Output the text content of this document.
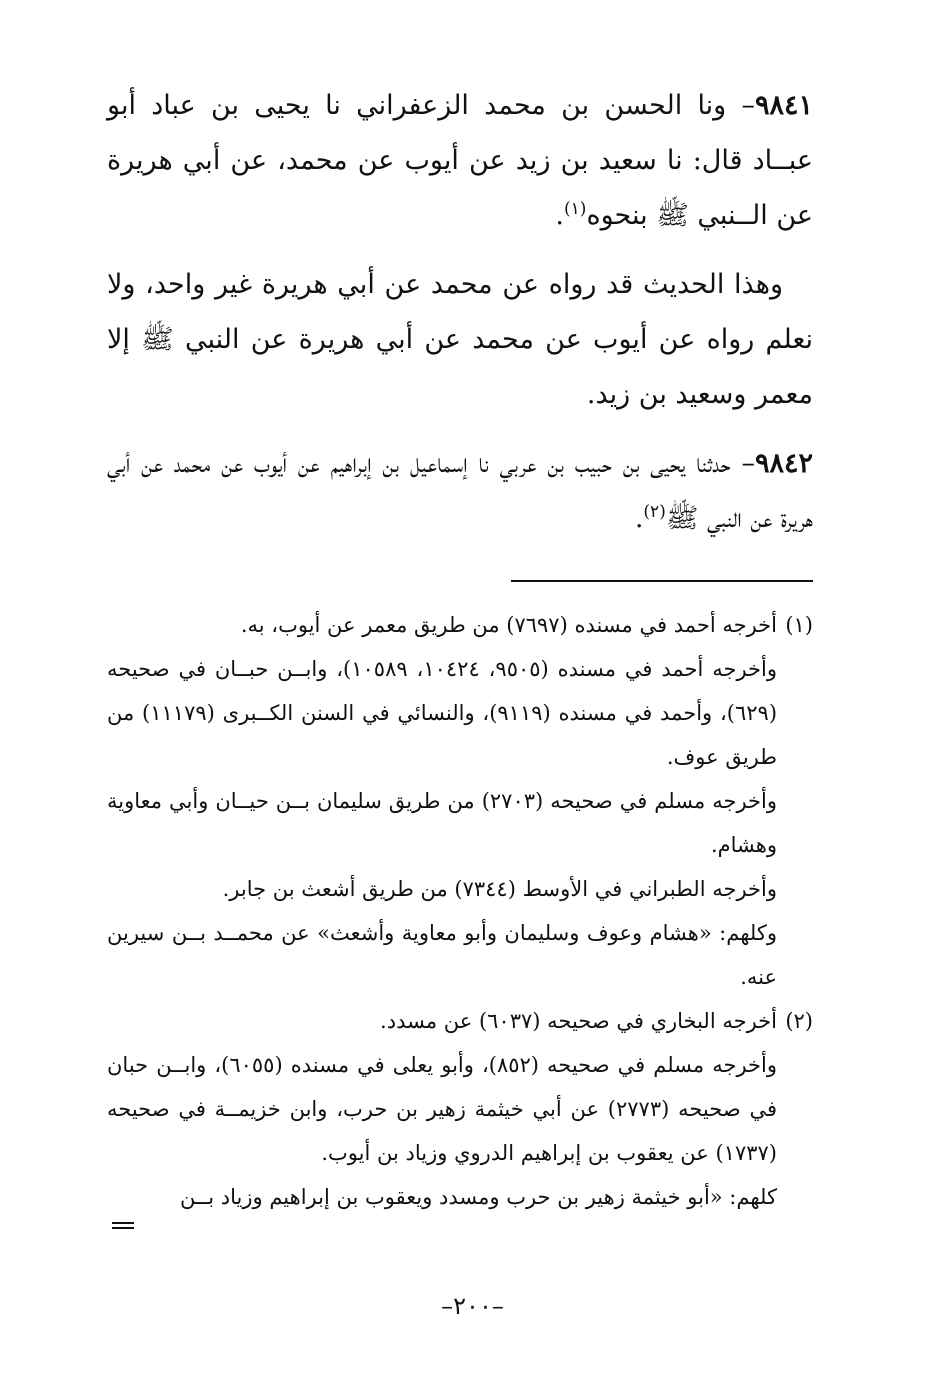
٩٨٤١– ونا الحسن بن محمد الزعفراني نا يحيى بن عباد أبو عبــاد قال: نا سعيد بن زيد عن أيوب عن محمد، عن أبي هريرة عن الــنبي ﷺ بنحوه$^{(١)}$.

وهذا الحديث قد رواه عن محمد عن أبي هريرة غير واحد، ولا نعلم رواه عن أيوب عن محمد عن أبي هريرة عن النبي ﷺ إلا معمر وسعيد بن زيد.

٩٨٤٢– حدثنا يحيى بن حبيب بن عربي نا إسماعيل بن إبراهيم عن أيوب عن محمد عن أبي هريرة عن النبي ﷺ$^{(٢)}$.

(١)أخرجه أحمد في مسنده (٧٦٩٧) من طريق معمر عن أيوب، به.

وأخرجه أحمد في مسنده (٩٥٠٥، ١٠٤٢٤، ١٠٥٨٩)، وابــن حبــان في صحيحه (٦٢٩)، وأحمد في مسنده (٩١١٩)، والنسائي في السنن الكــبرى (١١١٧٩) من طريق عوف.

وأخرجه مسلم في صحيحه (٢٧٠٣) من طريق سليمان بــن حيــان وأبي معاوية وهشام.

وأخرجه الطبراني في الأوسط (٧٣٤٤) من طريق أشعث بن جابر.

وكلهم: «هشام وعوف وسليمان وأبو معاوية وأشعث» عن محمــد بــن سيرين عنه.

(٢)أخرجه البخاري في صحيحه (٦٠٣٧) عن مسدد.

وأخرجه مسلم في صحيحه (٨٥٢)، وأبو يعلى في مسنده (٦٠٥٥)، وابــن حبان في صحيحه (٢٧٧٣) عن أبي خيثمة زهير بن حرب، وابن خزيمــة في صحيحه (١٧٣٧) عن يعقوب بن إبراهيم الدروي وزياد بن أيوب.

كلهم: «أبو خيثمة زهير بن حرب ومسدد ويعقوب بن إبراهيم وزياد بــن

–٢٠٠–
